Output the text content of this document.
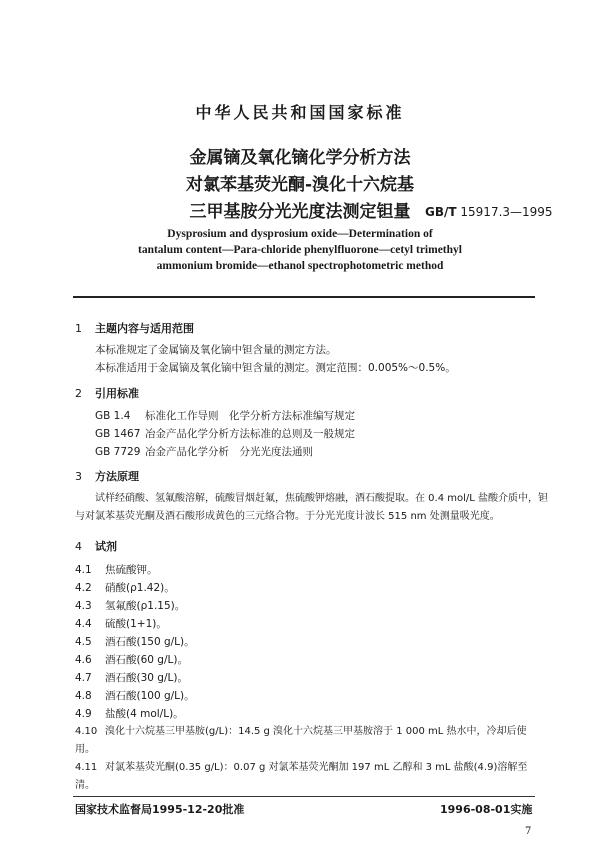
中华人民共和国国家标准
金属镝及氧化镝化学分析方法
对氯苯基荧光酮-溴化十六烷基
三甲基胺分光光度法测定钽量	GB/T 15917.3—1995
Dysprosium and dysprosium oxide—Determination of
tantalum content—Para-chloride phenylfluorone—cetyl trimethyl
ammonium bromide—ethanol spectrophotometric method
1 主题内容与适用范围
本标准规定了金属镝及氧化镝中钽含量的测定方法。
本标准适用于金属镝及氧化镝中钽含量的测定。测定范围：0.005%～0.5%。
2 引用标准
GB 1.4 标准化工作导则　化学分析方法标准编写规定
GB 1467 冶金产品化学分析方法标准的总则及一般规定
GB 7729 冶金产品化学分析　分光光度法通则
3 方法原理
试样经硝酸、氢氟酸溶解，硫酸冒烟赶氟，焦硫酸钾熔融，酒石酸提取。在 0.4 mol/L 盐酸介质中，钽
与对氯苯基荧光酮及酒石酸形成黄色的三元络合物。于分光光度计波长 515 nm 处测量吸光度。
4 试剂
4.1 焦硫酸钾。
4.2 硝酸(ρ1.42)。
4.3 氢氟酸(ρ1.15)。
4.4 硫酸(1+1)。
4.5 酒石酸(150 g/L)。
4.6 酒石酸(60 g/L)。
4.7 酒石酸(30 g/L)。
4.8 酒石酸(100 g/L)。
4.9 盐酸(4 mol/L)。
4.10 溴化十六烷基三甲基胺(g/L)：14.5 g 溴化十六烷基三甲基胺溶于 1 000 mL 热水中，冷却后使
用。
4.11 对氯苯基荧光酮(0.35 g/L)：0.07 g 对氯苯基荧光酮加 197 mL 乙醇和 3 mL 盐酸(4.9)溶解至
清。
国家技术监督局1995-12-20批准	1996-08-01实施
7
